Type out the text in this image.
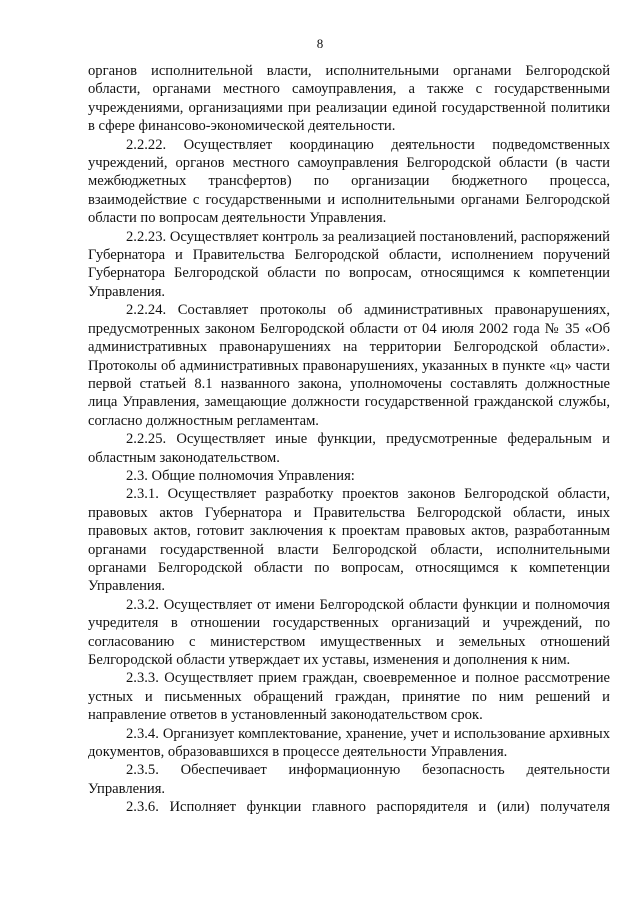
8

органов исполнительной власти, исполнительными органами Белгородской области, органами местного самоуправления, а также с государственными учреждениями, организациями при реализации единой государственной политики в сфере финансово-экономической деятельности.

2.2.22. Осуществляет координацию деятельности подведомственных учреждений, органов местного самоуправления Белгородской области (в части межбюджетных трансфертов) по организации бюджетного процесса, взаимодействие с государственными и исполнительными органами Белгородской области по вопросам деятельности Управления.

2.2.23. Осуществляет контроль за реализацией постановлений, распоряжений Губернатора и Правительства Белгородской области, исполнением поручений Губернатора Белгородской области по вопросам, относящимся к компетенции Управления.

2.2.24. Составляет протоколы об административных правонарушениях, предусмотренных законом Белгородской области от 04 июля 2002 года № 35 «Об административных правонарушениях на территории Белгородской области». Протоколы об административных правонарушениях, указанных в пункте «ц» части первой статьей 8.1 названного закона, уполномочены составлять должностные лица Управления, замещающие должности государственной гражданской службы, согласно должностным регламентам.

2.2.25. Осуществляет иные функции, предусмотренные федеральным и областным законодательством.

2.3. Общие полномочия Управления:

2.3.1. Осуществляет разработку проектов законов Белгородской области, правовых актов Губернатора и Правительства Белгородской области, иных правовых актов, готовит заключения к проектам правовых актов, разработанным органами государственной власти Белгородской области, исполнительными органами Белгородской области по вопросам, относящимся к компетенции Управления.

2.3.2. Осуществляет от имени Белгородской области функции и полномочия учредителя в отношении государственных организаций и учреждений, по согласованию с министерством имущественных и земельных отношений Белгородской области утверждает их уставы, изменения и дополнения к ним.

2.3.3. Осуществляет прием граждан, своевременное и полное рассмотрение устных и письменных обращений граждан, принятие по ним решений и направление ответов в установленный законодательством срок.

2.3.4. Организует комплектование, хранение, учет и использование архивных документов, образовавшихся в процессе деятельности Управления.

2.3.5. Обеспечивает информационную безопасность деятельности Управления.

2.3.6. Исполняет функции главного распорядителя и (или) получателя
